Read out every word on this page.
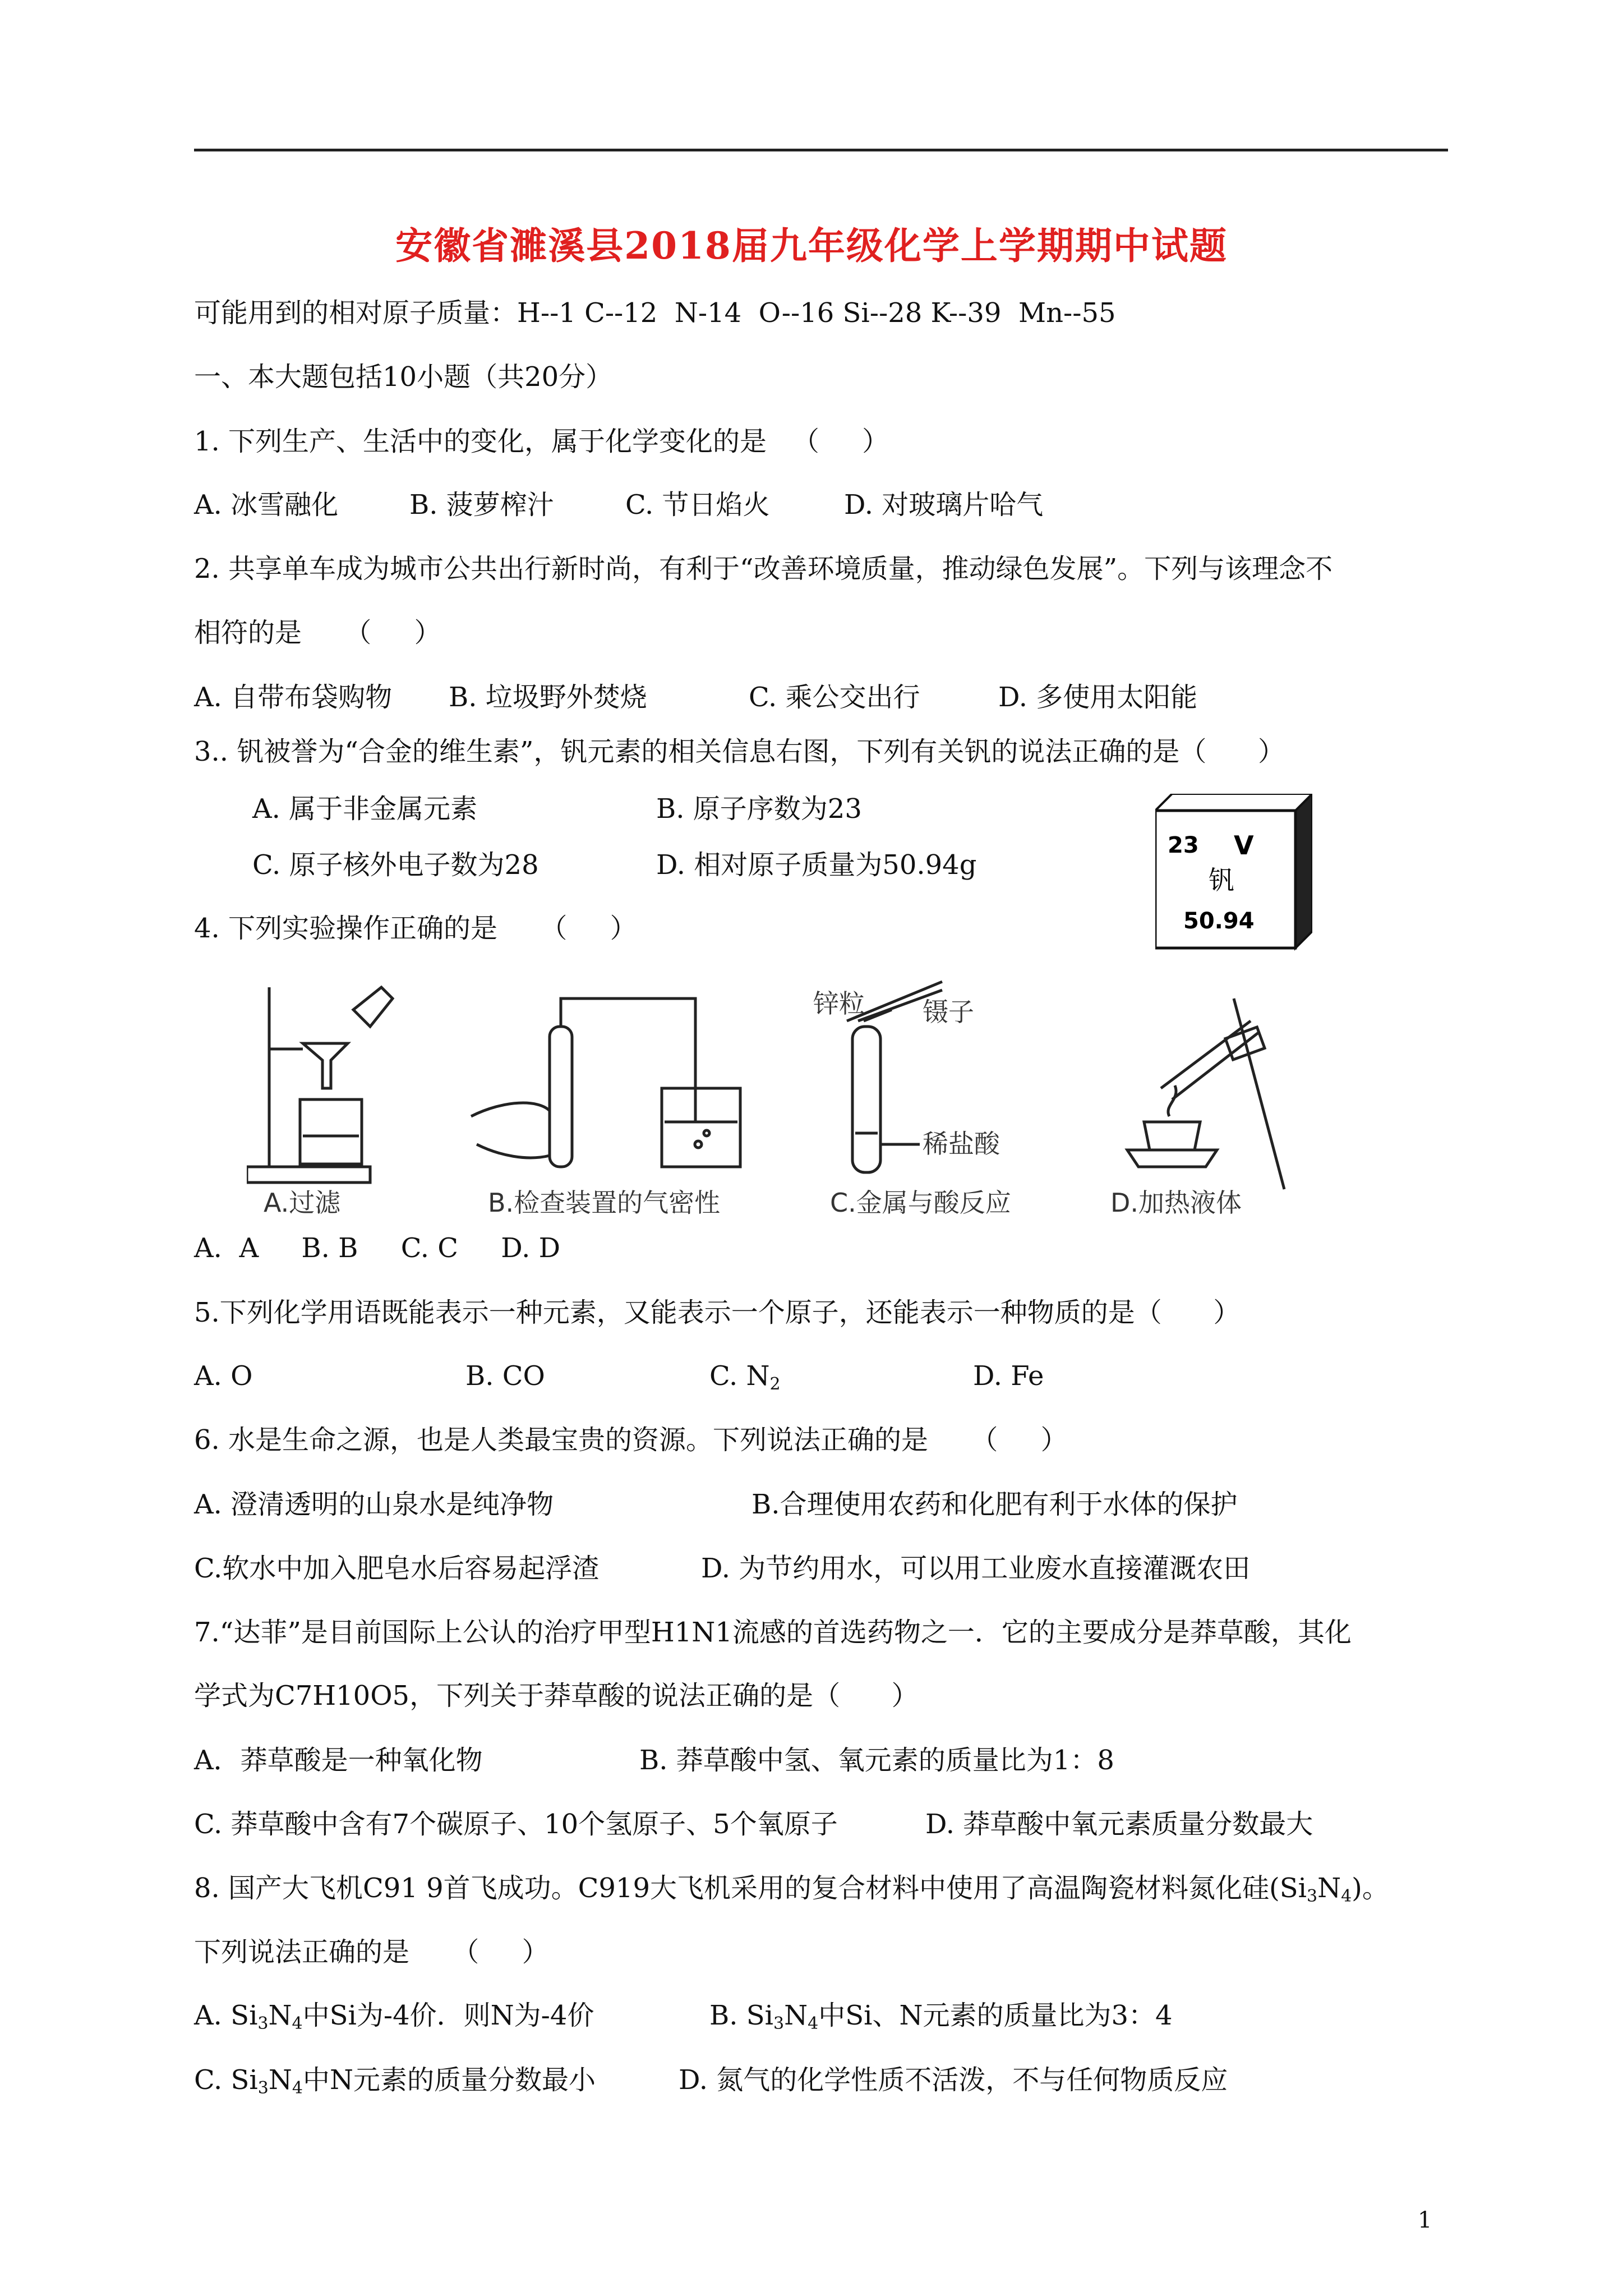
安徽省濉溪县2018届九年级化学上学期期中试题
可能用到的相对原子质量：H--1 C--12  N-14  O--16 Si--28 K--39  Mn--55
一、本大题包括10小题（共20分）
1. 下列生产、生活中的变化，属于化学变化的是   （     ）
A. 冰雪融化	B. 菠萝榨汁	C. 节日焰火	D. 对玻璃片哈气
2. 共享单车成为城市公共出行新时尚，有利于“改善环境质量，推动绿色发展”。下列与该理念不
相符的是     （     ）
A. 自带布袋购物 B. 垃圾野外焚烧	C. 乘公交出行	D. 多使用太阳能
3.. 钒被誉为“合金的维生素”，钒元素的相关信息右图，下列有关钒的说法正确的是（      ）
A. 属于非金属元素	B. 原子序数为23
C. 原子核外电子数为28	D. 相对原子质量为50.94g
23 V
钒
50.94
4. 下列实验操作正确的是     （     ）
A.过滤	B.检查装置的气密性
锌粒 镊子
稀盐酸
C.金属与酸反应	D.加热液体
A.  A     B. B     C. C     D. D
5.下列化学用语既能表示一种元素，又能表示一个原子，还能表示一种物质的是（      ）
A. O	B. CO	C. $N_2$	D. Fe
6. 水是生命之源，也是人类最宝贵的资源。下列说法正确的是     （     ）
A. 澄清透明的山泉水是纯净物	B.合理使用农药和化肥有利于水体的保护
C.软水中加入肥皂水后容易起浮渣	D. 为节约用水，可以用工业废水直接灌溉农田
7.“达菲”是目前国际上公认的治疗甲型H1N1流感的首选药物之一．它的主要成分是莽草酸，其化
学式为C7H10O5，下列关于莽草酸的说法正确的是（      ）
A．莽草酸是一种氧化物	B. 莽草酸中氢、氧元素的质量比为1：8
C. 莽草酸中含有7个碳原子、10个氢原子、5个氧原子	D. 莽草酸中氧元素质量分数最大
8. 国产大飞机C91 9首飞成功。C919大飞机采用的复合材料中使用了高温陶瓷材料氮化硅$(Si_3N_4)$。
下列说法正确的是     （     ）
A. $Si_3N_4$中Si为-4价．则N为-4价	B. $Si_3N_4$中Si、N元素的质量比为3：4
C. $Si_3N_4$中N元素的质量分数最小	D. 氮气的化学性质不活泼，不与任何物质反应
1
